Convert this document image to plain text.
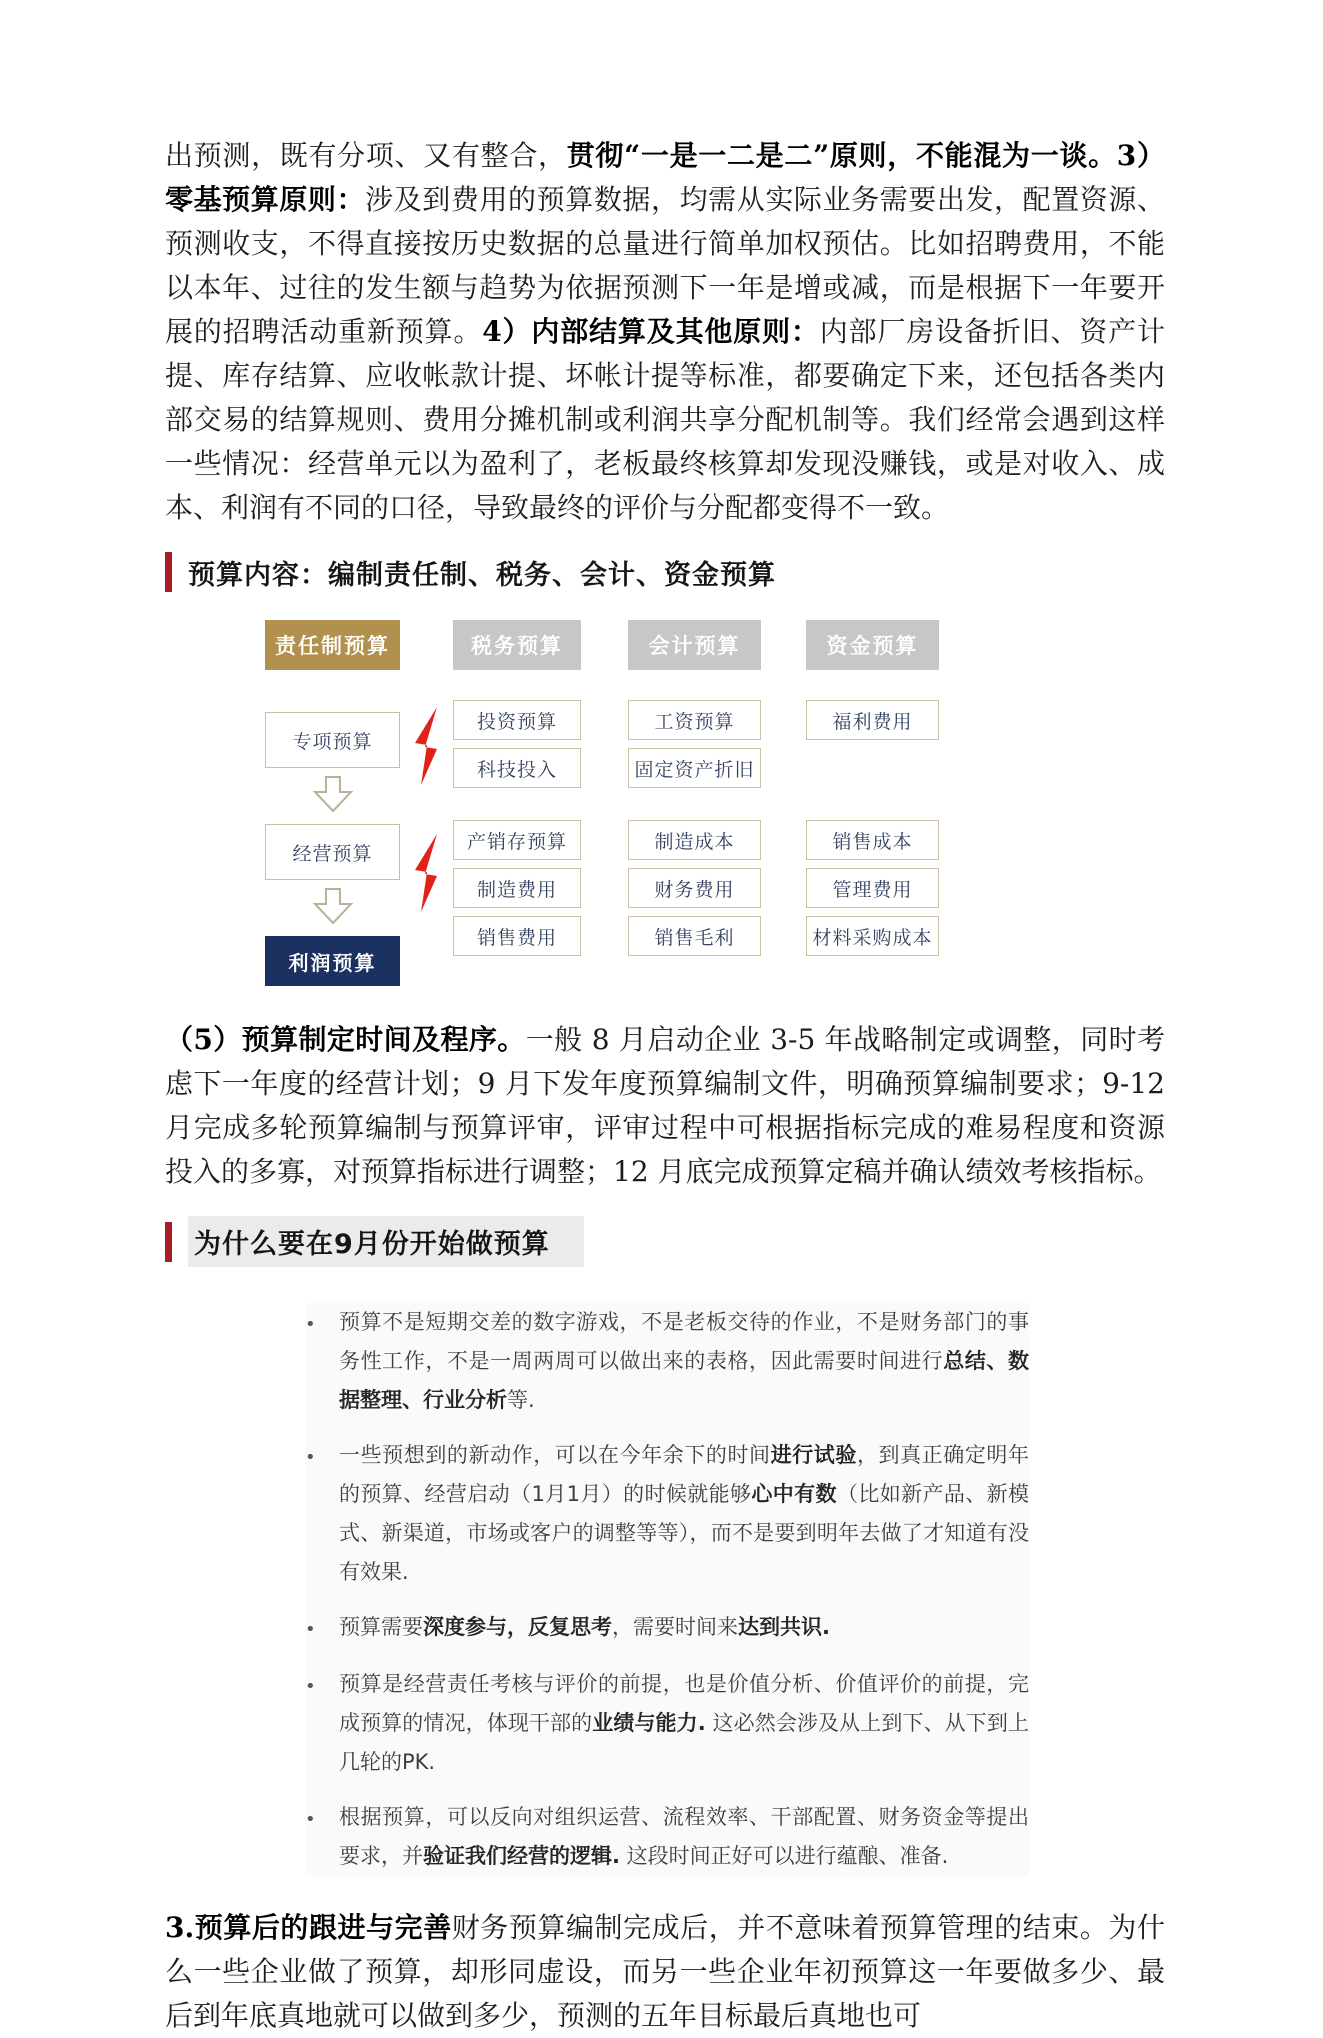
出预测，既有分项、又有整合，贯彻“一是一二是二”原则，不能混为一谈。3）零基预算原则：涉及到费用的预算数据，均需从实际业务需要出发，配置资源、预测收支，不得直接按历史数据的总量进行简单加权预估。比如招聘费用，不能以本年、过往的发生额与趋势为依据预测下一年是增或减，而是根据下一年要开展的招聘活动重新预算。4）内部结算及其他原则：内部厂房设备折旧、资产计提、库存结算、应收帐款计提、坏帐计提等标准，都要确定下来，还包括各类内部交易的结算规则、费用分摊机制或利润共享分配机制等。我们经常会遇到这样一些情况：经营单元以为盈利了，老板最终核算却发现没赚钱，或是对收入、成本、利润有不同的口径，导致最终的评价与分配都变得不一致。
预算内容：编制责任制、税务、会计、资金预算
责任制预算	税务预算	会计预算	资金预算
专项预算
经营预算
利润预算
投资预算
科技投入
产销存预算
制造费用
销售费用
工资预算
固定资产折旧
制造成本
财务费用
销售毛利
福利费用
销售成本
管理费用
材料采购成本
（5）预算制定时间及程序。一般 8 月启动企业 3-5 年战略制定或调整，同时考虑下一年度的经营计划；9 月下发年度预算编制文件，明确预算编制要求；9-12 月完成多轮预算编制与预算评审，评审过程中可根据指标完成的难易程度和资源投入的多寡，对预算指标进行调整；12 月底完成预算定稿并确认绩效考核指标。
为什么要在9月份开始做预算
•	预算不是短期交差的数字游戏，不是老板交待的作业，不是财务部门的事务性工作，不是一周两周可以做出来的表格，因此需要时间进行总结、数据整理、行业分析等.
•	一些预想到的新动作，可以在今年余下的时间进行试验，到真正确定明年的预算、经营启动（1月1月）的时候就能够心中有数（比如新产品、新模式、新渠道，市场或客户的调整等等），而不是要到明年去做了才知道有没有效果.
•	预算需要深度参与，反复思考，需要时间来达到共识.
•	预算是经营责任考核与评价的前提，也是价值分析、价值评价的前提，完成预算的情况，体现干部的业绩与能力. 这必然会涉及从上到下、从下到上几轮的PK.
•	根据预算，可以反向对组织运营、流程效率、干部配置、财务资金等提出要求，并验证我们经营的逻辑. 这段时间正好可以进行蕴酿、准备.
3.预算后的跟进与完善财务预算编制完成后，并不意味着预算管理的结束。为什么一些企业做了预算，却形同虚设，而另一些企业年初预算这一年要做多少、最后到年底真地就可以做到多少，预测的五年目标最后真地也可
